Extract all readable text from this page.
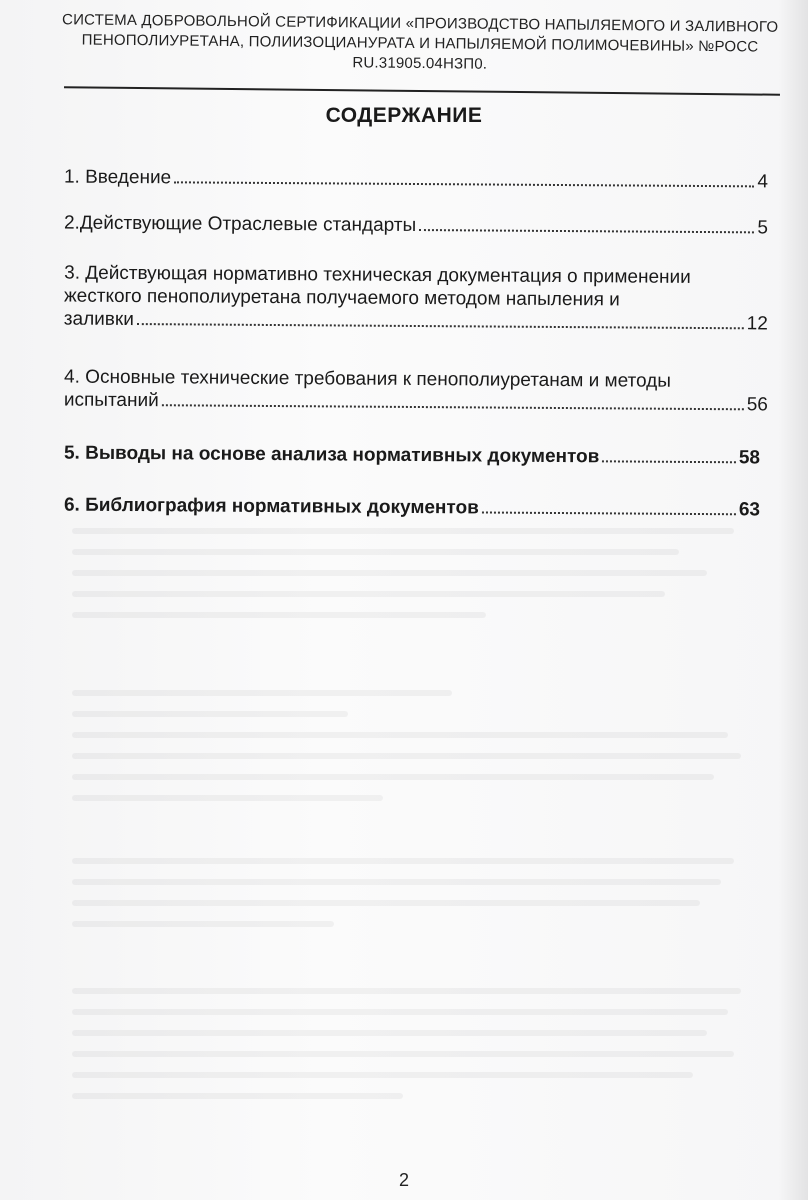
СИСТЕМА ДОБРОВОЛЬНОЙ СЕРТИФИКАЦИИ «ПРОИЗВОДСТВО НАПЫЛЯЕМОГО И ЗАЛИВНОГО
ПЕНОПОЛИУРЕТАНА, ПОЛИИЗОЦИАНУРАТА И НАПЫЛЯЕМОЙ ПОЛИМОЧЕВИНЫ» №РОСС
RU.31905.04НЗП0.
СОДЕРЖАНИЕ
1. Введение	4
2.Действующие Отраслевые стандарты	5
3. Действующая нормативно техническая документация о применении
жесткого пенополиуретана получаемого методом напыления и
заливки	12
4. Основные технические требования к пенополиуретанам и методы
испытаний	56
5. Выводы на основе анализа нормативных документов	58
6. Библиография нормативных документов	63
2
